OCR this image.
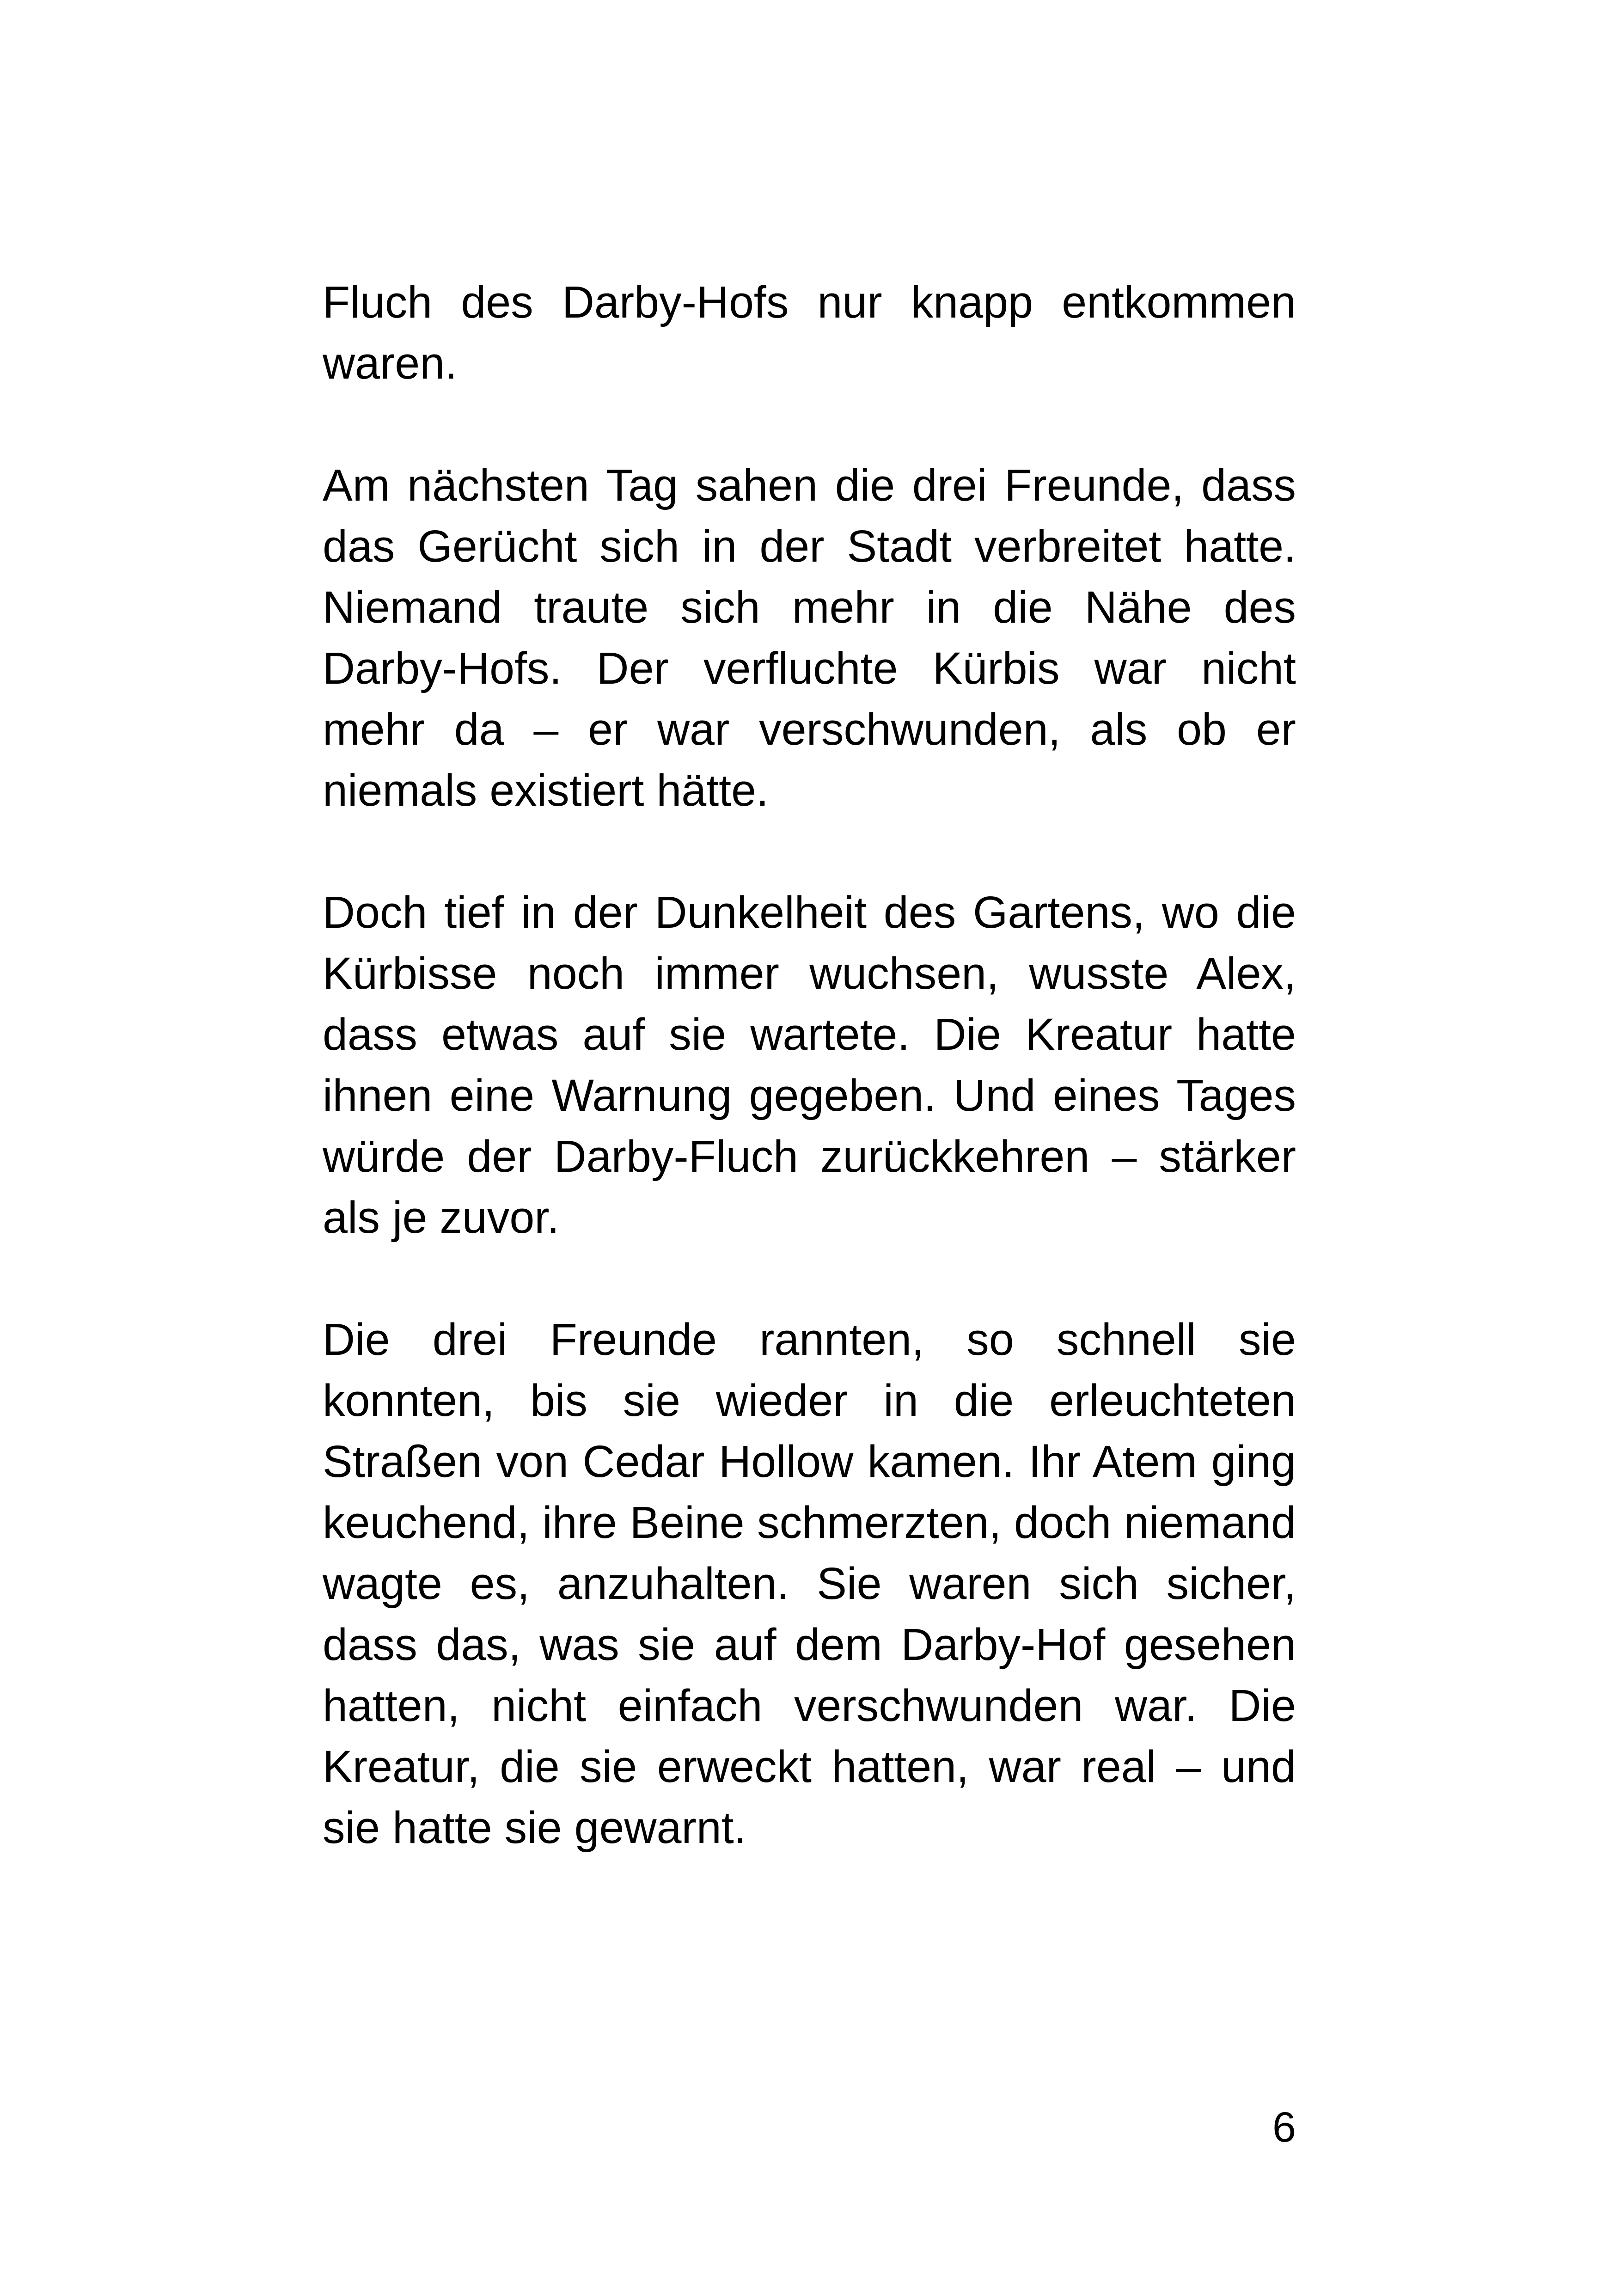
Fluch des Darby-Hofs nur knapp entkommen waren.

Am nächsten Tag sahen die drei Freunde, dass das Gerücht sich in der Stadt verbreitet hatte. Niemand traute sich mehr in die Nähe des Darby-Hofs. Der verfluchte Kürbis war nicht mehr da – er war verschwunden, als ob er niemals existiert hätte.

Doch tief in der Dunkelheit des Gartens, wo die Kürbisse noch immer wuchsen, wusste Alex, dass etwas auf sie wartete. Die Kreatur hatte ihnen eine Warnung gegeben. Und eines Tages würde der Darby-Fluch zurückkehren – stärker als je zuvor.

Die drei Freunde rannten, so schnell sie konnten, bis sie wieder in die erleuchteten Straßen von Cedar Hollow kamen. Ihr Atem ging keuchend, ihre Beine schmerzten, doch niemand wagte es, anzuhalten. Sie waren sich sicher, dass das, was sie auf dem Darby-Hof gesehen hatten, nicht einfach verschwunden war. Die Kreatur, die sie erweckt hatten, war real – und sie hatte sie gewarnt.

6
